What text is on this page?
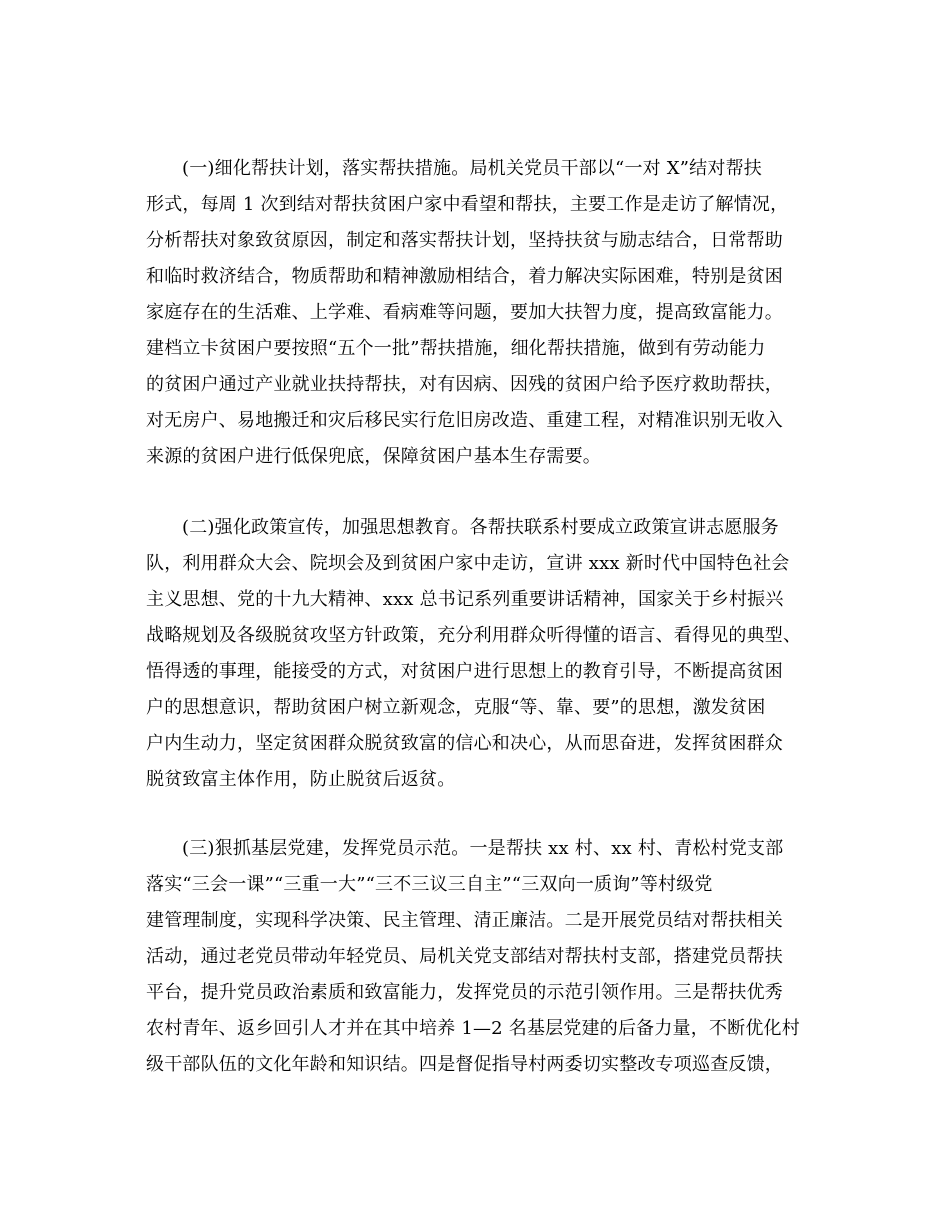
(一)细化帮扶计划，落实帮扶措施。局机关党员干部以“一对 X”结对帮扶
形式，每周 1 次到结对帮扶贫困户家中看望和帮扶，主要工作是走访了解情况，
分析帮扶对象致贫原因，制定和落实帮扶计划，坚持扶贫与励志结合，日常帮助
和临时救济结合，物质帮助和精神激励相结合，着力解决实际困难，特别是贫困
家庭存在的生活难、上学难、看病难等问题，要加大扶智力度，提高致富能力。
建档立卡贫困户要按照“五个一批”帮扶措施，细化帮扶措施，做到有劳动能力
的贫困户通过产业就业扶持帮扶，对有因病、因残的贫困户给予医疗救助帮扶，
对无房户、易地搬迁和灾后移民实行危旧房改造、重建工程，对精准识别无收入
来源的贫困户进行低保兜底，保障贫困户基本生存需要。
(二)强化政策宣传，加强思想教育。各帮扶联系村要成立政策宣讲志愿服务
队，利用群众大会、院坝会及到贫困户家中走访，宣讲 xxx 新时代中国特色社会
主义思想、党的十九大精神、xxx 总书记系列重要讲话精神，国家关于乡村振兴
战略规划及各级脱贫攻坚方针政策，充分利用群众听得懂的语言、看得见的典型、
悟得透的事理，能接受的方式，对贫困户进行思想上的教育引导，不断提高贫困
户的思想意识，帮助贫困户树立新观念，克服“等、靠、要”的思想，激发贫困
户内生动力，坚定贫困群众脱贫致富的信心和决心，从而思奋进，发挥贫困群众
脱贫致富主体作用，防止脱贫后返贫。
(三)狠抓基层党建，发挥党员示范。一是帮扶 xx 村、xx 村、青松村党支部
落实“三会一课”“三重一大”“三不三议三自主”“三双向一质询”等村级党
建管理制度，实现科学决策、民主管理、清正廉洁。二是开展党员结对帮扶相关
活动，通过老党员带动年轻党员、局机关党支部结对帮扶村支部，搭建党员帮扶
平台，提升党员政治素质和致富能力，发挥党员的示范引领作用。三是帮扶优秀
农村青年、返乡回引人才并在其中培养 1—2 名基层党建的后备力量，不断优化村
级干部队伍的文化年龄和知识结。四是督促指导村两委切实整改专项巡查反馈，
